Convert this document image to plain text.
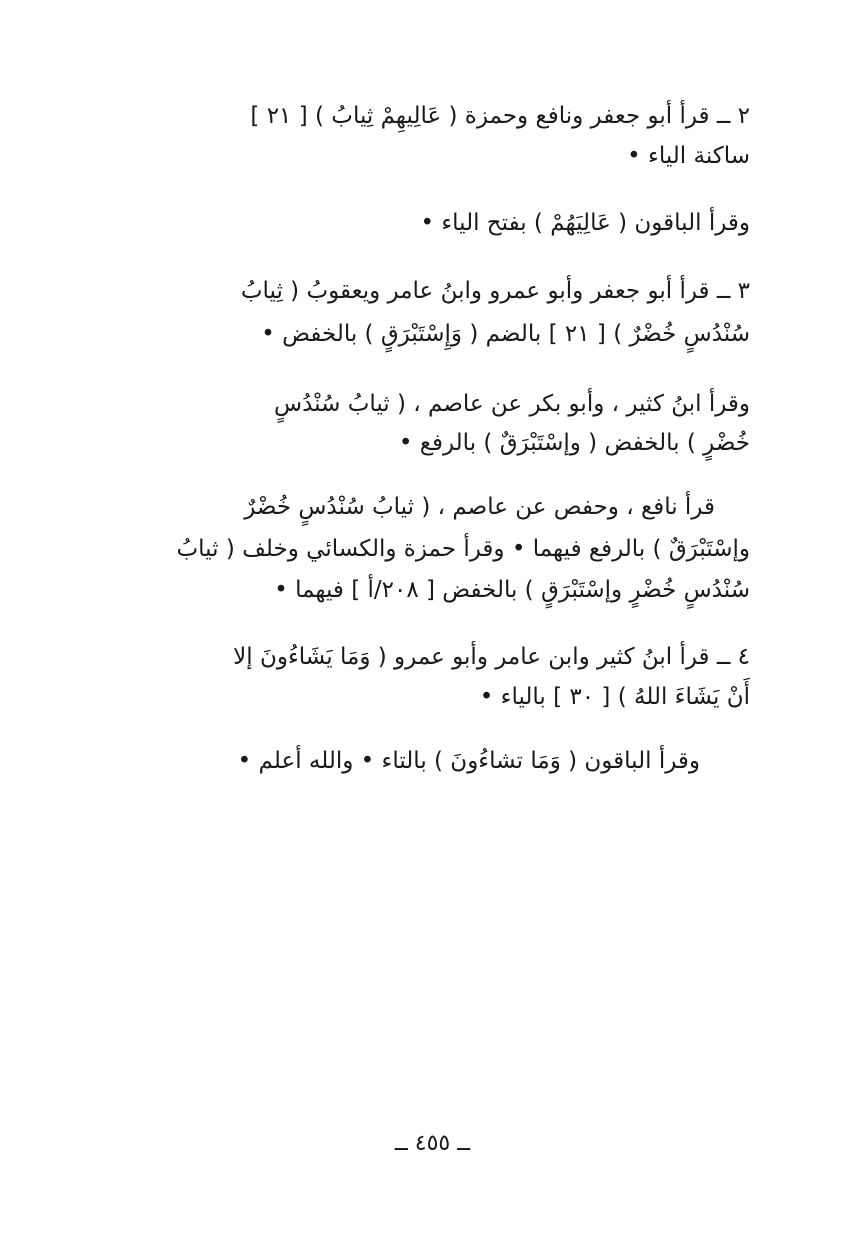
٢ ــ قرأ أبو جعفر ونافع وحمزة ( عَالِيهِمْ ثِيابُ ) [ ٢١ ]
ساكنة الياء •
وقرأ الباقون ( عَالِيَهُمْ ) بفتح الياء •
٣ ــ قرأ أبو جعفر وأبو عمرو وابنُ عامر ويعقوبُ ( ثِيابُ
سُنْدُسٍ خُضْرٌ ) [ ٢١ ] بالضم ( وَإِسْتَبْرَقٍ ) بالخفض •
وقرأ ابنُ كثير ، وأبو بكر عن عاصم ، ( ثيابُ سُنْدُسٍ
خُضْرٍ ) بالخفض ( وإسْتَبْرَقٌ ) بالرفع •
قرأ نافع ، وحفص عن عاصم ، ( ثيابُ سُنْدُسٍ خُضْرٌ
وإسْتَبْرَقٌ ) بالرفع فيهما • وقرأ حمزة والكسائي وخلف ( ثيابُ
سُنْدُسٍ خُضْرٍ وإسْتَبْرَقٍ ) بالخفض [ ٢٠٨/أ ] فيهما •
٤ ــ قرأ ابنُ كثير وابن عامر وأبو عمرو ( وَمَا يَشَاءُونَ إلا
أَنْ يَشَاءَ اللهُ ) [ ٣٠ ] بالياء •
وقرأ الباقون ( وَمَا تشاءُونَ ) بالتاء • والله أعلم •
ــ ٤٥٥ ــ
